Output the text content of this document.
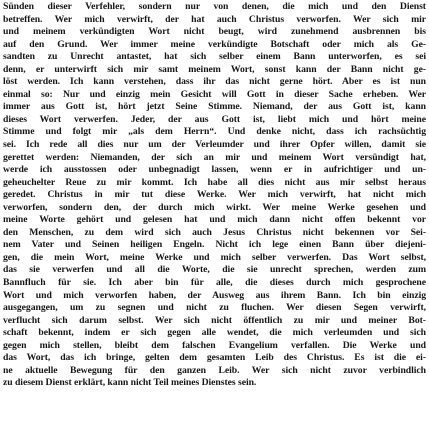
Sünden dieser Verfehler, sondern nur von denen, die mich und den Dienst
betreffen. Wer mich verwirft, der hat auch Christus verworfen. Wer sich mir
und meinem verkündigten Wort nicht beugt, wird zunehmend ausbrennen bis
auf den Grund. Wer immer meine verkündigte Botschaft oder mich als Ge-
sandten zu Unrecht antastet, hat sich selber einem Bann unterworfen, es sei
denn, er unterwirft sich mir samt meinem Wort, sonst kann der Bann nicht ge-
löst werden. Ich kann verstehen, dass ihr das nicht gerne hört. Aber es ist nun
einmal so: Nur und einzig mein Gesicht will Gott in dieser Sache erheben. Wer
immer aus Gott ist, hört jetzt Seine Stimme. Niemand, der aus Gott ist, kann
dieses Wort verwerfen. Jeder, der aus Gott ist, liebt mich und hört meine
Stimme und folgt mir „als dem Herrn“. Und denke nicht, dass ich rachsüchtig
sei. Ich rede all dies nur um der Verleumder und ihrer Opfer willen, damit sie
gerettet werden: Niemanden, der sich an mir und meinem Wort versündigt hat,
werde ich ausstossen oder unbegnadigt lassen, wenn er in aufrichtiger und un-
geheuchelter Reue zu mir kommt. Ich habe all dies nicht aus mir selbst heraus
geredet. Christus in mir tut diese Werke. Wer mich verwirft, hat nicht mich
verworfen, sondern den, der durch mich wirkt. Wer meine Werke gesehen und
meine Worte gehört und gelesen hat und mich dann nicht offen bekennt vor
den Menschen, zu dem wird sich auch Jesus Christus nicht bekennen vor Sei-
nem Vater und Seinen heiligen Engeln. Nicht ich lege einen Bann über diejeni-
gen, die mein Wort, meine Werke und mich selber verwerfen. Das Wort selbst,
das sie verwerfen und all die Worte, die sie unrecht sprechen, werden zum
Bannfluch für sie. Ich aber bin für alle, die dieses durch mich gesprochene
Wort und mich verworfen haben, der Ausweg aus ihrem Bann. Ich bin einzig
ausgegangen, um zu segnen und nicht zu fluchen. Wer diesen Segen verwirft,
verflucht sich darum selbst. Wer sich nicht öffentlich zu mir und meiner Bot-
schaft bekennt, indem er sich gegen alle wendet, die mich verleumden und sich
gegen mich stellen, bleibt dem falschen Evangelium verfallen. Die Werke und
das Wort, das ich bringe, gelten dem gesamten Leib des Christus. Es ist die ei-
ne aktuelle Bewegung für den ganzen Leib. Wer sich nicht zuvor verbindlich
zu diesem Dienst erklärt, kann nicht Teil meines Dienstes sein.
